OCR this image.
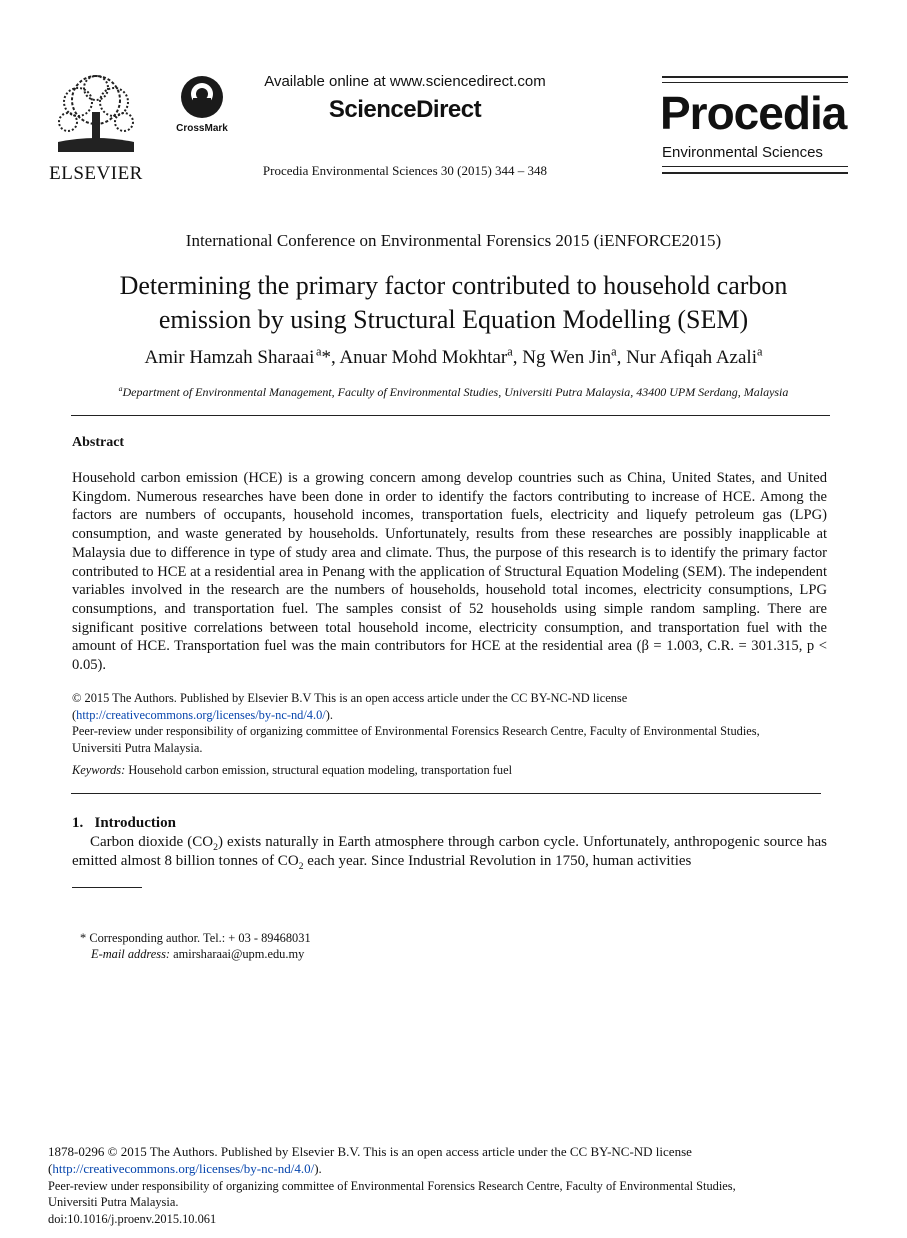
ELSEVIER
CrossMark
Available online at www.sciencedirect.com
ScienceDirect
Procedia Environmental Sciences 30 (2015) 344 – 348
Procedia
Environmental Sciences
International Conference on Environmental Forensics 2015 (iENFORCE2015)
Determining the primary factor contributed to household carbon
emission by using Structural Equation Modelling (SEM)
Amir Hamzah Sharaai  $^a$*, Anuar Mohd Mokhtar$^a$, Ng Wen Jin$^a$, Nur Afiqah Azali$^a$
$^a$Department of Environmental Management, Faculty of Environmental Studies, Universiti Putra Malaysia, 43400 UPM Serdang, Malaysia
Abstract
Household carbon emission (HCE) is a growing concern among develop countries such as China, United States, and United Kingdom. Numerous researches have been done in order to identify the factors contributing to increase of HCE. Among the factors are numbers of occupants, household incomes, transportation fuels, electricity and liquefy petroleum gas (LPG) consumption, and waste generated by households. Unfortunately, results from these researches are possibly inapplicable at Malaysia due to difference in type of study area and climate. Thus, the purpose of this research is to identify the primary factor contributed to HCE at a residential area in Penang with the application of Structural Equation Modeling (SEM). The independent variables involved in the research are the numbers of households, household total incomes, electricity consumptions, LPG consumptions, and transportation fuel. The samples consist of 52 households using simple random sampling. There are significant positive correlations between total household income, electricity consumption, and transportation fuel with the amount of HCE. Transportation fuel was the main contributors for HCE at the residential area (β = 1.003, C.R. = 301.315, p < 0.05).
© 2015 The Authors. Published by Elsevier B.V This is an open access article under the CC BY-NC-ND license
(http://creativecommons.org/licenses/by-nc-nd/4.0/).
Peer-review under responsibility of organizing committee of Environmental Forensics Research Centre, Faculty of Environmental Studies,
Universiti Putra Malaysia.
Keywords: Household carbon emission, structural equation modeling, transportation fuel
1. Introduction
Carbon dioxide $(CO_2)$ exists naturally in Earth atmosphere through carbon cycle. Unfortunately, anthropogenic source has emitted almost 8 billion tonnes of $CO_2$ each year. Since Industrial Revolution in 1750, human activities
* Corresponding author. Tel.: + 03 - 89468031
E-mail address: amirsharaai@upm.edu.my
1878-0296 © 2015 The Authors. Published by Elsevier B.V. This is an open access article under the CC BY-NC-ND license
(http://creativecommons.org/licenses/by-nc-nd/4.0/).
Peer-review under responsibility of organizing committee of Environmental Forensics Research Centre, Faculty of Environmental Studies,
Universiti Putra Malaysia.
doi:10.1016/j.proenv.2015.10.061
